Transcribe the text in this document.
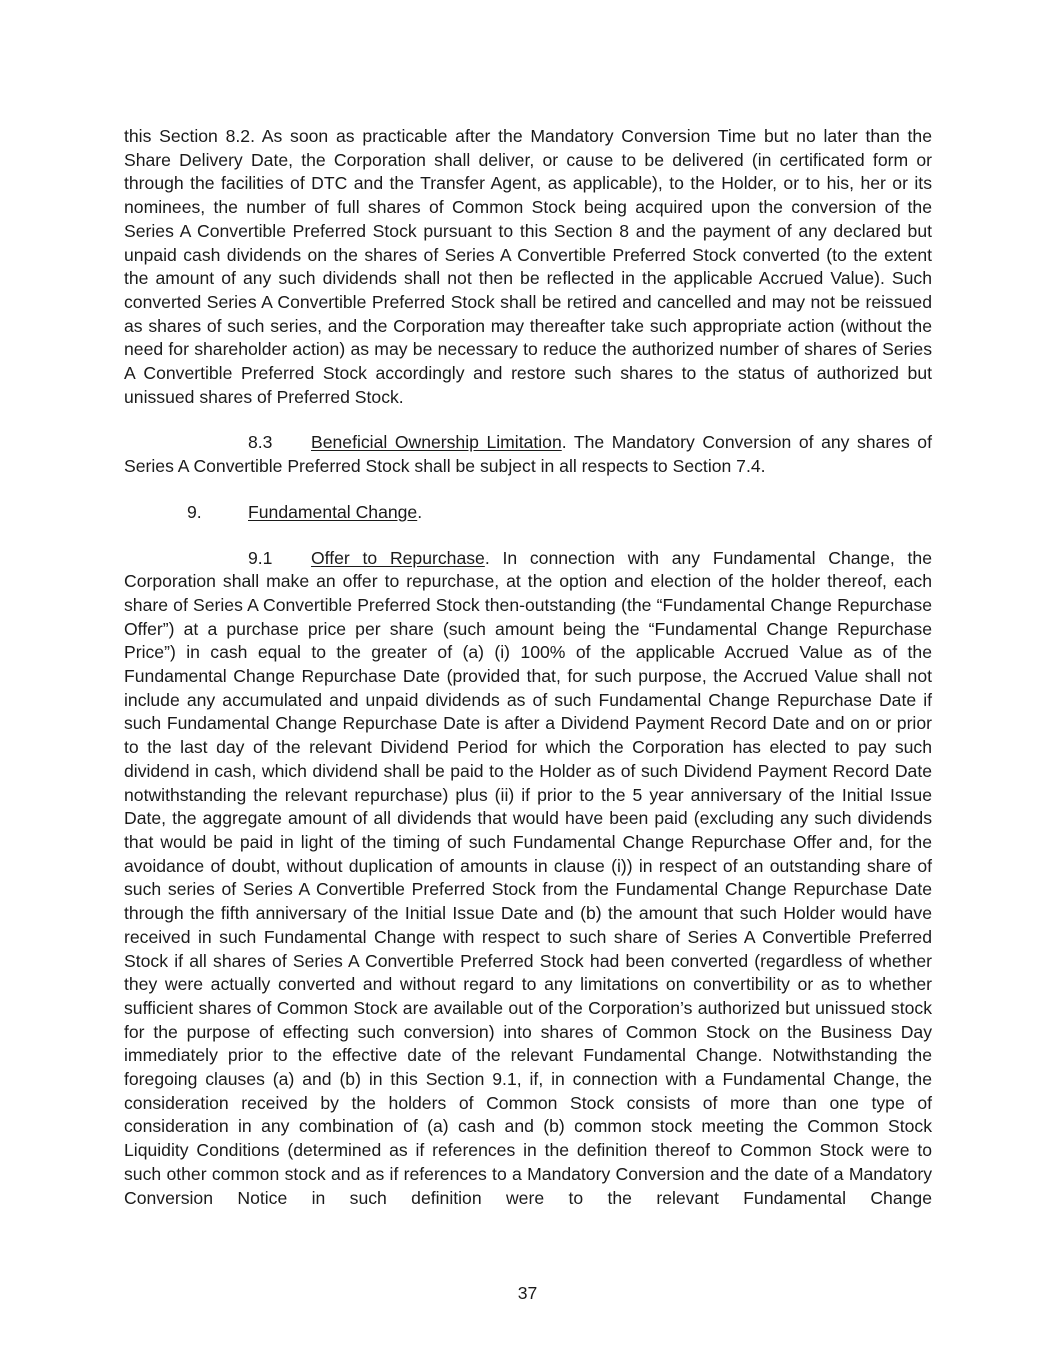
this Section 8.2. As soon as practicable after the Mandatory Conversion Time but no later than the Share Delivery Date, the Corporation shall deliver, or cause to be delivered (in certificated form or through the facilities of DTC and the Transfer Agent, as applicable), to the Holder, or to his, her or its nominees, the number of full shares of Common Stock being acquired upon the conversion of the Series A Convertible Preferred Stock pursuant to this Section 8 and the payment of any declared but unpaid cash dividends on the shares of Series A Convertible Preferred Stock converted (to the extent the amount of any such dividends shall not then be reflected in the applicable Accrued Value). Such converted Series A Convertible Preferred Stock shall be retired and cancelled and may not be reissued as shares of such series, and the Corporation may thereafter take such appropriate action (without the need for shareholder action) as may be necessary to reduce the authorized number of shares of Series A Convertible Preferred Stock accordingly and restore such shares to the status of authorized but unissued shares of Preferred Stock.

8.3 Beneficial Ownership Limitation. The Mandatory Conversion of any shares of Series A Convertible Preferred Stock shall be subject in all respects to Section 7.4.

9.	Fundamental Change.

9.1 Offer to Repurchase. In connection with any Fundamental Change, the Corporation shall make an offer to repurchase, at the option and election of the holder thereof, each share of Series A Convertible Preferred Stock then-outstanding (the “Fundamental Change Repurchase Offer”) at a purchase price per share (such amount being the “Fundamental Change Repurchase Price”) in cash equal to the greater of (a) (i) 100% of the applicable Accrued Value as of the Fundamental Change Repurchase Date (provided that, for such purpose, the Accrued Value shall not include any accumulated and unpaid dividends as of such Fundamental Change Repurchase Date if such Fundamental Change Repurchase Date is after a Dividend Payment Record Date and on or prior to the last day of the relevant Dividend Period for which the Corporation has elected to pay such dividend in cash, which dividend shall be paid to the Holder as of such Dividend Payment Record Date notwithstanding the relevant repurchase) plus (ii) if prior to the 5 year anniversary of the Initial Issue Date, the aggregate amount of all dividends that would have been paid (excluding any such dividends that would be paid in light of the timing of such Fundamental Change Repurchase Offer and, for the avoidance of doubt, without duplication of amounts in clause (i)) in respect of an outstanding share of such series of Series A Convertible Preferred Stock from the Fundamental Change Repurchase Date through the fifth anniversary of the Initial Issue Date and (b) the amount that such Holder would have received in such Fundamental Change with respect to such share of Series A Convertible Preferred Stock if all shares of Series A Convertible Preferred Stock had been converted (regardless of whether they were actually converted and without regard to any limitations on convertibility or as to whether sufficient shares of Common Stock are available out of the Corporation’s authorized but unissued stock for the purpose of effecting such conversion) into shares of Common Stock on the Business Day immediately prior to the effective date of the relevant Fundamental Change. Notwithstanding the foregoing clauses (a) and (b) in this Section 9.1, if, in connection with a Fundamental Change, the consideration received by the holders of Common Stock consists of more than one type of consideration in any combination of (a) cash and (b) common stock meeting the Common Stock Liquidity Conditions (determined as if references in the definition thereof to Common Stock were to such other common stock and as if references to a Mandatory Conversion and the date of a Mandatory Conversion Notice in such definition were to the relevant Fundamental Change

37
